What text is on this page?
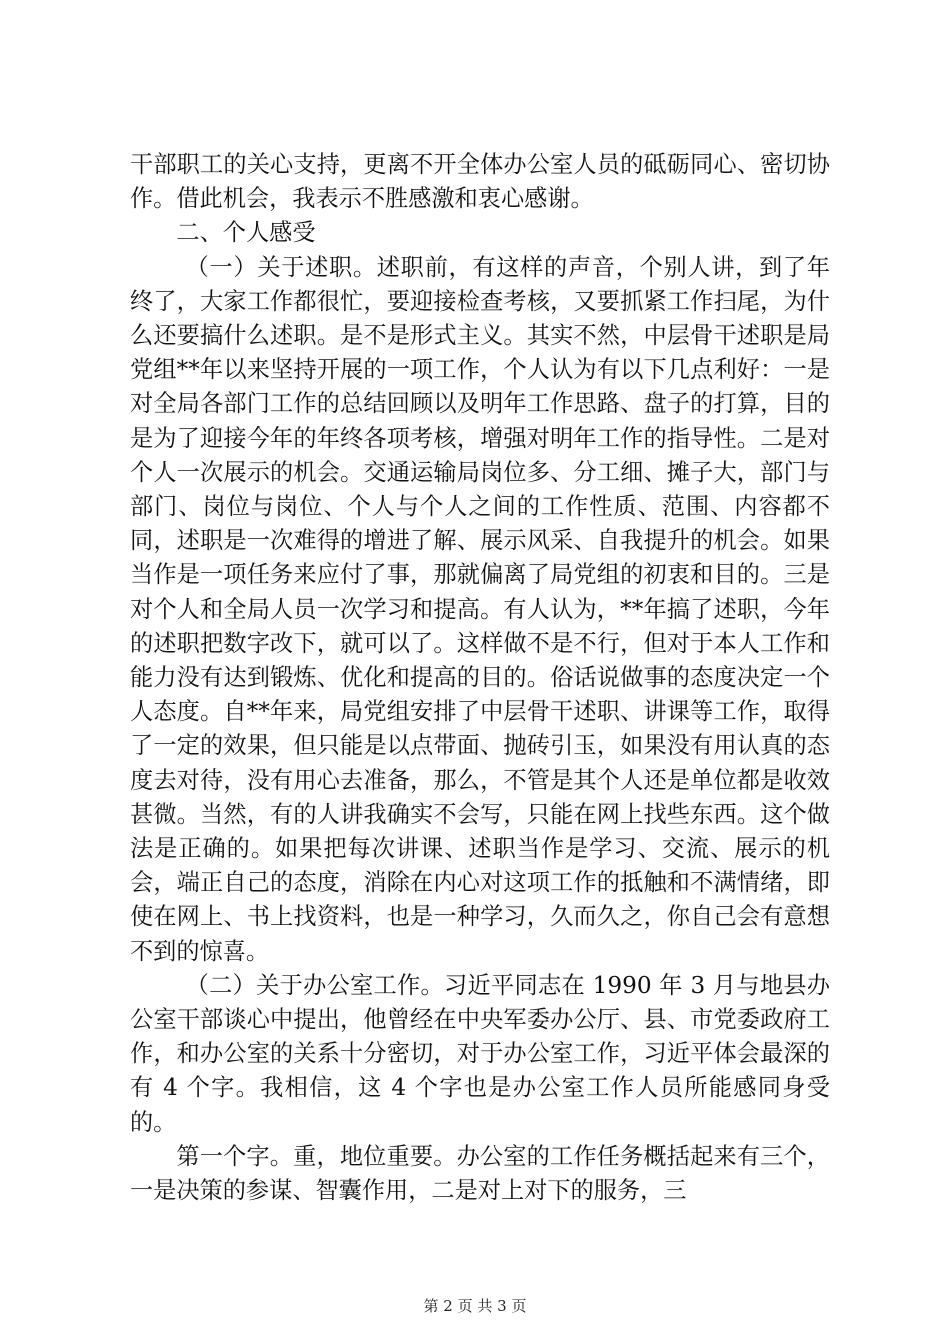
干部职工的关心支持，更离不开全体办公室人员的砥砺同心、密切协作。借此机会，我表示不胜感激和衷心感谢。

二、个人感受

（一）关于述职。述职前，有这样的声音，个别人讲，到了年终了，大家工作都很忙，要迎接检查考核，又要抓紧工作扫尾，为什么还要搞什么述职。是不是形式主义。其实不然，中层骨干述职是局党组**年以来坚持开展的一项工作，个人认为有以下几点利好：一是对全局各部门工作的总结回顾以及明年工作思路、盘子的打算，目的是为了迎接今年的年终各项考核，增强对明年工作的指导性。二是对个人一次展示的机会。交通运输局岗位多、分工细、摊子大，部门与部门、岗位与岗位、个人与个人之间的工作性质、范围、内容都不同，述职是一次难得的增进了解、展示风采、自我提升的机会。如果当作是一项任务来应付了事，那就偏离了局党组的初衷和目的。三是对个人和全局人员一次学习和提高。有人认为，**年搞了述职，今年的述职把数字改下，就可以了。这样做不是不行，但对于本人工作和能力没有达到锻炼、优化和提高的目的。俗话说做事的态度决定一个人态度。自**年来，局党组安排了中层骨干述职、讲课等工作，取得了一定的效果，但只能是以点带面、抛砖引玉，如果没有用认真的态度去对待，没有用心去准备，那么，不管是其个人还是单位都是收效甚微。当然，有的人讲我确实不会写，只能在网上找些东西。这个做法是正确的。如果把每次讲课、述职当作是学习、交流、展示的机会，端正自己的态度，消除在内心对这项工作的抵触和不满情绪，即使在网上、书上找资料，也是一种学习，久而久之，你自己会有意想不到的惊喜。

（二）关于办公室工作。习近平同志在 1990 年 3 月与地县办公室干部谈心中提出，他曾经在中央军委办公厅、县、市党委政府工作，和办公室的关系十分密切，对于办公室工作，习近平体会最深的有 4 个字。我相信，这 4 个字也是办公室工作人员所能感同身受的。

第一个字。重，地位重要。办公室的工作任务概括起来有三个，一是决策的参谋、智囊作用，二是对上对下的服务，三

第 2 页 共 3 页
